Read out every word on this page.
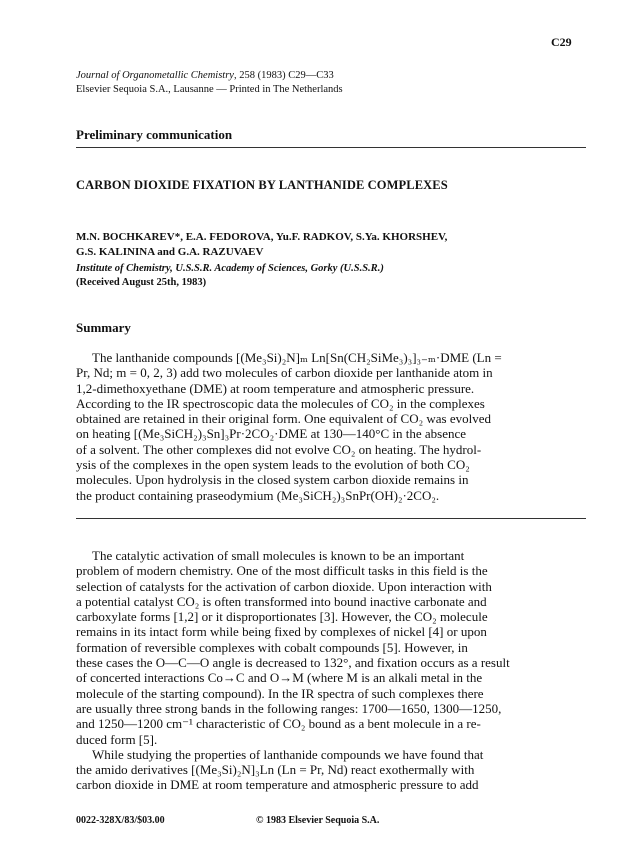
C29
Journal of Organometallic Chemistry, 258 (1983) C29—C33
Elsevier Sequoia S.A., Lausanne — Printed in The Netherlands
Preliminary communication
CARBON DIOXIDE FIXATION BY LANTHANIDE COMPLEXES
M.N. BOCHKAREV*, E.A. FEDOROVA, Yu.F. RADKOV, S.Ya. KHORSHEV,
G.S. KALININA and G.A. RAZUVAEV
Institute of Chemistry, U.S.S.R. Academy of Sciences, Gorky (U.S.S.R.)
(Received August 25th, 1983)
Summary
The lanthanide compounds [(Me₃Si)₂N]ₘ Ln[Sn(CH₂SiMe₃)₃]₃₋ₘ·DME (Ln =
Pr, Nd; m = 0, 2, 3) add two molecules of carbon dioxide per lanthanide atom in
1,2-dimethoxyethane (DME) at room temperature and atmospheric pressure.
According to the IR spectroscopic data the molecules of CO₂ in the complexes
obtained are retained in their original form. One equivalent of CO₂ was evolved
on heating [(Me₃SiCH₂)₃Sn]₃Pr·2CO₂·DME at 130—140°C in the absence
of a solvent. The other complexes did not evolve CO₂ on heating. The hydrol-
ysis of the complexes in the open system leads to the evolution of both CO₂
molecules. Upon hydrolysis in the closed system carbon dioxide remains in
the product containing praseodymium (Me₃SiCH₂)₃SnPr(OH)₂·2CO₂.
The catalytic activation of small molecules is known to be an important
problem of modern chemistry. One of the most difficult tasks in this field is the
selection of catalysts for the activation of carbon dioxide. Upon interaction with
a potential catalyst CO₂ is often transformed into bound inactive carbonate and
carboxylate forms [1,2] or it disproportionates [3]. However, the CO₂ molecule
remains in its intact form while being fixed by complexes of nickel [4] or upon
formation of reversible complexes with cobalt compounds [5]. However, in
these cases the O—C—O angle is decreased to 132°, and fixation occurs as a result
of concerted interactions Co→C and O→M (where M is an alkali metal in the
molecule of the starting compound). In the IR spectra of such complexes there
are usually three strong bands in the following ranges: 1700—1650, 1300—1250,
and 1250—1200 cm⁻¹ characteristic of CO₂ bound as a bent molecule in a re-
duced form [5].
While studying the properties of lanthanide compounds we have found that
the amido derivatives [(Me₃Si)₂N]₃Ln (Ln = Pr, Nd) react exothermally with
carbon dioxide in DME at room temperature and atmospheric pressure to add
0022-328X/83/$03.00	© 1983 Elsevier Sequoia S.A.
